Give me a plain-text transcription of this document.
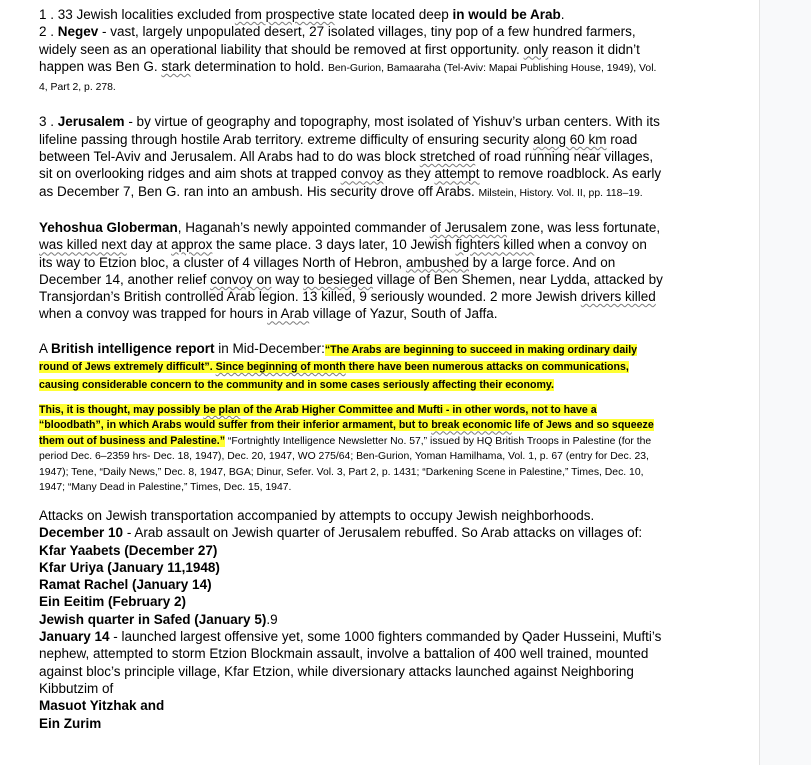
1 . 33 Jewish localities excluded from prospective state located deep in would be Arab.

2 . Negev - vast, largely unpopulated desert, 27 isolated villages, tiny pop of a few hundred farmers, widely seen as an operational liability that should be removed at first opportunity. only reason it didn’t happen was Ben G. stark determination to hold. Ben-Gurion, Bamaaraha (Tel-Aviv: Mapai Publishing House, 1949), Vol. 4, Part 2, p. 278.

3 . Jerusalem - by virtue of geography and topography, most isolated of Yishuv’s urban centers. With its lifeline passing through hostile Arab territory. extreme difficulty of ensuring security along 60 km road between Tel-Aviv and Jerusalem. All Arabs had to do was block stretched of road running near villages, sit on overlooking ridges and aim shots at trapped convoy as they attempt to remove roadblock. As early as December 7, Ben G. ran into an ambush. His security drove off Arabs. Milstein, History. Vol. II, pp. 118–19.

Yehoshua Globerman, Haganah’s newly appointed commander of Jerusalem zone, was less fortunate, was killed next day at approx the same place. 3 days later, 10 Jewish fighters killed when a convoy on its way to Etzion bloc, a cluster of 4 villages North of Hebron, ambushed by a large force. And on December 14, another relief convoy on way to besieged village of Ben Shemen, near Lydda, attacked by Transjordan’s British controlled Arab legion. 13 killed, 9 seriously wounded. 2 more Jewish drivers killed when a convoy was trapped for hours in Arab village of Yazur, South of Jaffa.

A British intelligence report in Mid-December:“The Arabs are beginning to succeed in making ordinary daily round of Jews extremely difficult”. Since beginning of month there have been numerous attacks on communications, causing considerable concern to the community and in some cases seriously affecting their economy.

This, it is thought, may possibly be plan of the Arab Higher Committee and Mufti - in other words, not to have a “bloodbath”, in which Arabs would suffer from their inferior armament, but to break economic life of Jews and so squeeze them out of business and Palestine.” “Fortnightly Intelligence Newsletter No. 57,” issued by HQ British Troops in Palestine (for the period Dec. 6–2359 hrs- Dec. 18, 1947), Dec. 20, 1947, WO 275/64; Ben-Gurion, Yoman Hamilhama, Vol. 1, p. 67 (entry for Dec. 23, 1947); Tene, “Daily News,” Dec. 8, 1947, BGA; Dinur, Sefer. Vol. 3, Part 2, p. 1431; “Darkening Scene in Palestine,” Times, Dec. 10, 1947; “Many Dead in Palestine,” Times, Dec. 15, 1947.

Attacks on Jewish transportation accompanied by attempts to occupy Jewish neighborhoods.

December 10 - Arab assault on Jewish quarter of Jerusalem rebuffed. So Arab attacks on villages of:

Kfar Yaabets (December 27)

Kfar Uriya (January 11,1948)

Ramat Rachel (January 14)

Ein Eeitim (February 2)

Jewish quarter in Safed (January 5).9

January 14 - launched largest offensive yet, some 1000 fighters commanded by Qader Husseini, Mufti’s nephew, attempted to storm Etzion Blockmain assault, involve a battalion of 400 well trained, mounted against bloc’s principle village, Kfar Etzion, while diversionary attacks launched against Neighboring Kibbutzim of

Masuot Yitzhak and

Ein Zurim
